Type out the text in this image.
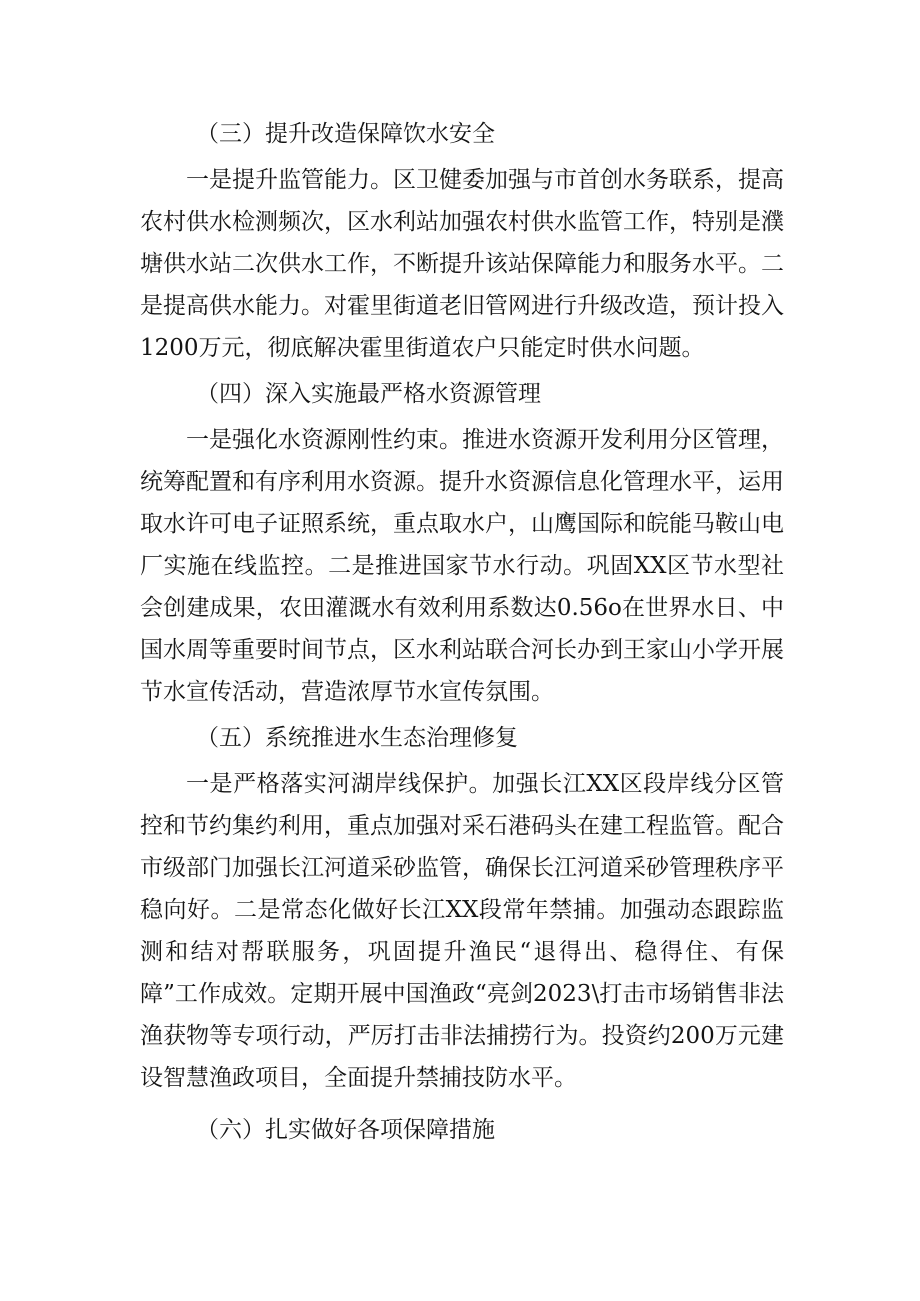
（三）提升改造保障饮水安全
一是提升监管能力。区卫健委加强与市首创水务联系，提高农村供水检测频次，区水利站加强农村供水监管工作，特别是濮塘供水站二次供水工作，不断提升该站保障能力和服务水平。二是提高供水能力。对霍里街道老旧管网进行升级改造，预计投入1200万元，彻底解决霍里街道农户只能定时供水问题。
（四）深入实施最严格水资源管理
一是强化水资源刚性约束。推进水资源开发利用分区管理，统筹配置和有序利用水资源。提升水资源信息化管理水平，运用取水许可电子证照系统，重点取水户，山鹰国际和皖能马鞍山电厂实施在线监控。二是推进国家节水行动。巩固XX区节水型社会创建成果，农田灌溉水有效利用系数达0.56o在世界水日、中国水周等重要时间节点，区水利站联合河长办到王家山小学开展节水宣传活动，营造浓厚节水宣传氛围。
（五）系统推进水生态治理修复
一是严格落实河湖岸线保护。加强长江XX区段岸线分区管控和节约集约利用，重点加强对采石港码头在建工程监管。配合市级部门加强长江河道采砂监管，确保长江河道采砂管理秩序平稳向好。二是常态化做好长江XX段常年禁捕。加强动态跟踪监测和结对帮联服务，巩固提升渔民“退得出、稳得住、有保障”工作成效。定期开展中国渔政“亮剑2023\打击市场销售非法渔获物等专项行动，严厉打击非法捕捞行为。投资约200万元建设智慧渔政项目，全面提升禁捕技防水平。
（六）扎实做好各项保障措施
